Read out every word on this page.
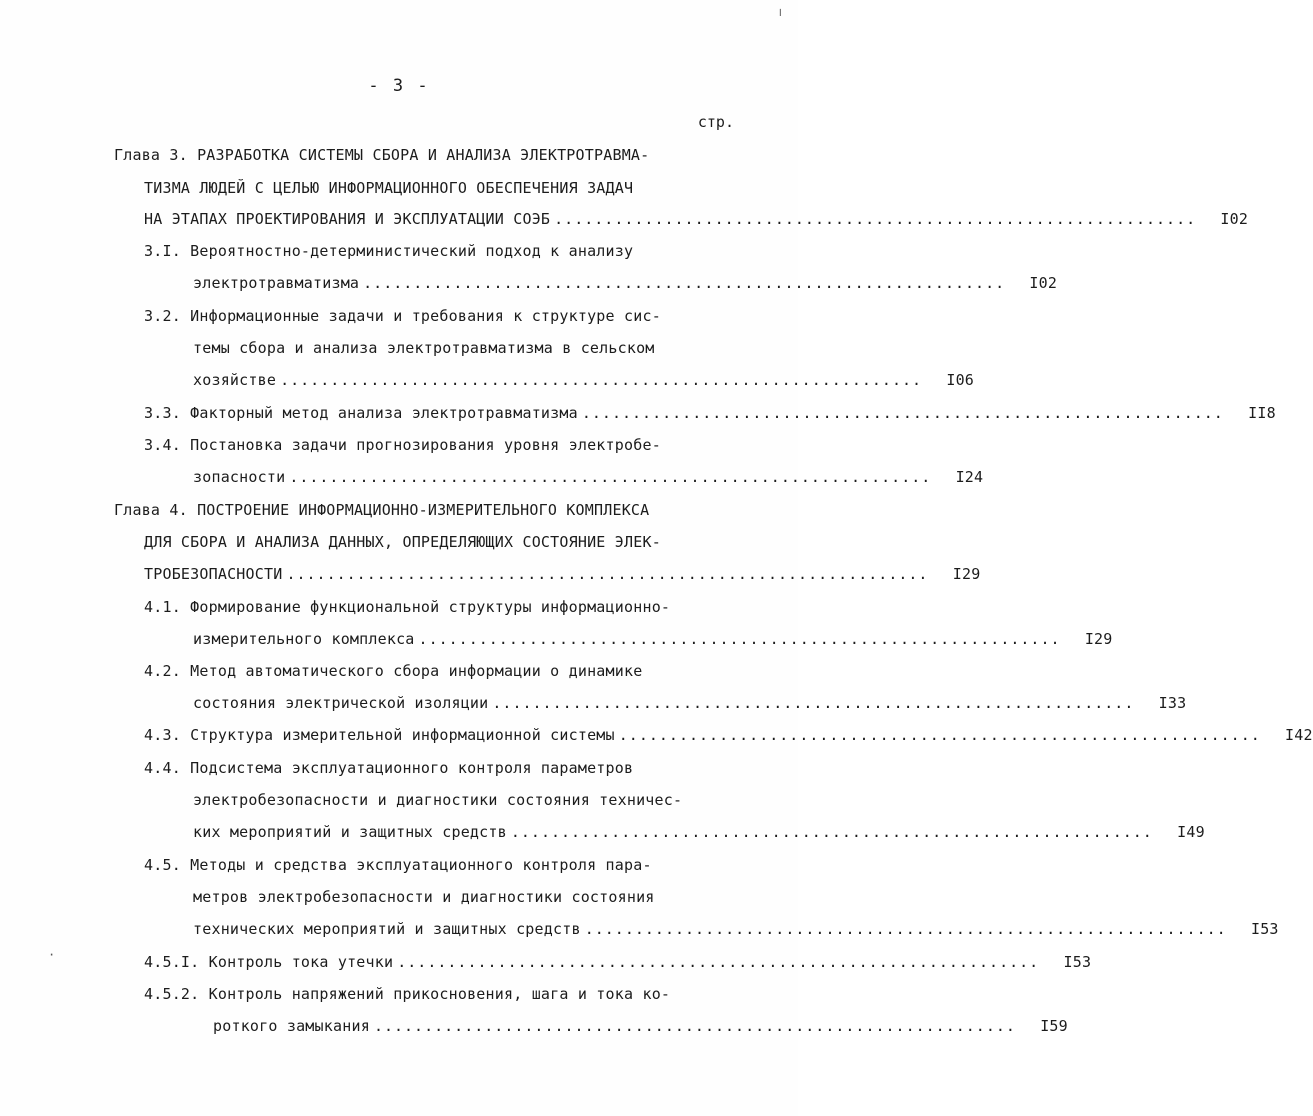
- 3 -
стр.
Глава 3. РАЗРАБОТКА СИСТЕМЫ СБОРА И АНАЛИЗА ЭЛЕКТРОТРАВМА-
ТИЗМА ЛЮДЕЙ С ЦЕЛЬЮ ИНФОРМАЦИОННОГО ОБЕСПЕЧЕНИЯ ЗАДАЧ
НА ЭТАПАХ ПРОЕКТИРОВАНИЯ И ЭКСПЛУАТАЦИИ СОЭБ ................................................................	I02
3.I. Вероятностно-детерминистический подход к анализу
электротравматизма ................................................................	I02
3.2. Информационные задачи и требования к структуре сис-
темы сбора и анализа электротравматизма в сельском
хозяйстве ................................................................	I06
3.3. Факторный метод анализа электротравматизма ................................................................	II8
3.4. Постановка задачи прогнозирования уровня электробе-
зопасности ................................................................	I24
Глава 4. ПОСТРОЕНИЕ ИНФОРМАЦИОННО-ИЗМЕРИТЕЛЬНОГО КОМПЛЕКСА
ДЛЯ СБОРА И АНАЛИЗА ДАННЫХ, ОПРЕДЕЛЯЮЩИХ СОСТОЯНИЕ ЭЛЕК-
ТРОБЕЗОПАСНОСТИ ................................................................	I29
4.1. Формирование функциональной структуры информационно-
измерительного комплекса ................................................................	I29
4.2. Метод автоматического сбора информации о динамике
состояния электрической изоляции ................................................................	I33
4.3. Структура измерительной информационной системы ................................................................	I42
4.4. Подсистема эксплуатационного контроля параметров
электробезопасности и диагностики состояния техничес-
ких мероприятий и защитных средств ................................................................	I49
4.5. Методы и средства эксплуатационного контроля пара-
метров электробезопасности и диагностики состояния
технических мероприятий и защитных средств ................................................................	I53
4.5.I. Контроль тока утечки ................................................................	I53
4.5.2. Контроль напряжений прикосновения, шага и тока ко-
роткого замыкания ................................................................	I59
╷
·
